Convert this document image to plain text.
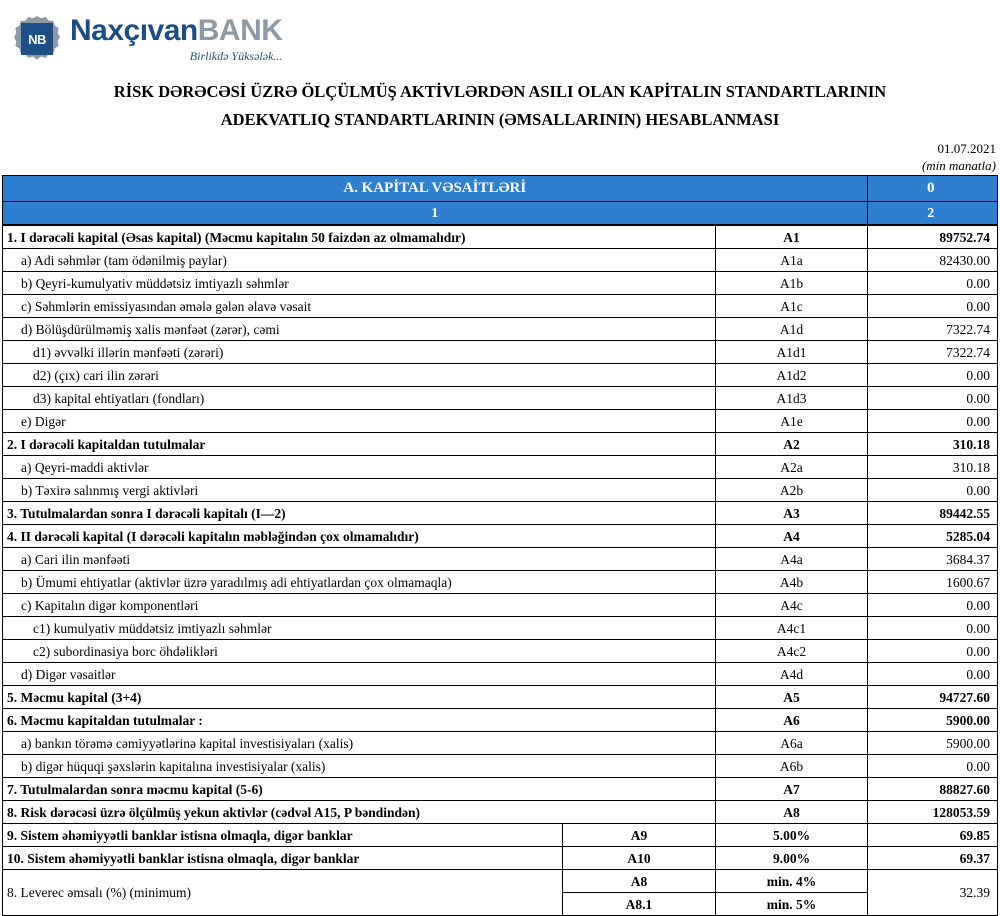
NB NaxçıvanBANK
Birlikdə Yüksələk...
RİSK DƏRƏCƏSİ ÜZRƏ ÖLÇÜLMÜŞ AKTİVLƏRDƏN ASILI OLAN KAPİTALIN STANDARTLARININ
ADEKVATLIQ STANDARTLARININ (ƏMSALLARININ) HESABLANMASI
01.07.2021
(min manatla)
A. KAPİTAL VƏSAİTLƏRİ			0
1			2
1. I dərəcəli kapital (Əsas kapital) (Məcmu kapitalın 50 faizdən az olmamalıdır)		A1	89752.74
a) Adi səhmlər (tam ödənilmiş paylar)		A1a	82430.00
b) Qeyri-kumulyativ müddətsiz imtiyazlı səhmlər		A1b	0.00
c) Səhmlərin emissiyasından əmələ gələn əlavə vəsait		A1c	0.00
d) Bölüşdürülməmiş xalis mənfəət (zərər), cəmi		A1d	7322.74
d1) əvvəlki illərin mənfəəti (zərəri)		A1d1	7322.74
d2) (çıx) cari ilin zərəri		A1d2	0.00
d3) kapital ehtiyatları (fondları)		A1d3	0.00
e) Digər		A1e	0.00
2. I dərəcəli kapitaldan tutulmalar		A2	310.18
a) Qeyri-maddi aktivlər		A2a	310.18
b) Təxirə salınmış vergi aktivləri		A2b	0.00
3. Tutulmalardan sonra I dərəcəli kapitalı (I—2)		A3	89442.55
4. II dərəcəli kapital (I dərəcəli kapitalın məbləğindən çox olmamalıdır)		A4	5285.04
a) Cari ilin mənfəəti		A4a	3684.37
b) Ümumi ehtiyatlar (aktivlər üzrə yaradılmış adi ehtiyatlardan çox olmamaqla)		A4b	1600.67
c) Kapitalın digər komponentləri		A4c	0.00
c1) kumulyativ müddətsiz imtiyazlı səhmlər		A4c1	0.00
c2) subordinasiya borc öhdəlikləri		A4c2	0.00
d) Digər vəsaitlər		A4d	0.00
5. Məcmu kapital (3+4)		A5	94727.60
6. Məcmu kapitaldan tutulmalar :		A6	5900.00
a) bankın törəmə cəmiyyətlərinə kapital investisiyaları (xalis)		A6a	5900.00
b) digər hüquqi şəxslərin kapitalına investisiyalar (xalis)		A6b	0.00
7. Tutulmalardan sonra məcmu kapital (5-6)		A7	88827.60
8. Risk dərəcəsi üzrə ölçülmüş yekun aktivlər (cədvəl A15, P bəndindən)		A8	128053.59
9. Sistem əhəmiyyətli banklar istisna olmaqla, digər banklar	A9	5.00%	69.85
10. Sistem əhəmiyyətli banklar istisna olmaqla, digər banklar	A10	9.00%	69.37
8. Leverec əmsalı (%) (minimum)	A8	min. 4%	32.39
	A8.1	min. 5%	
